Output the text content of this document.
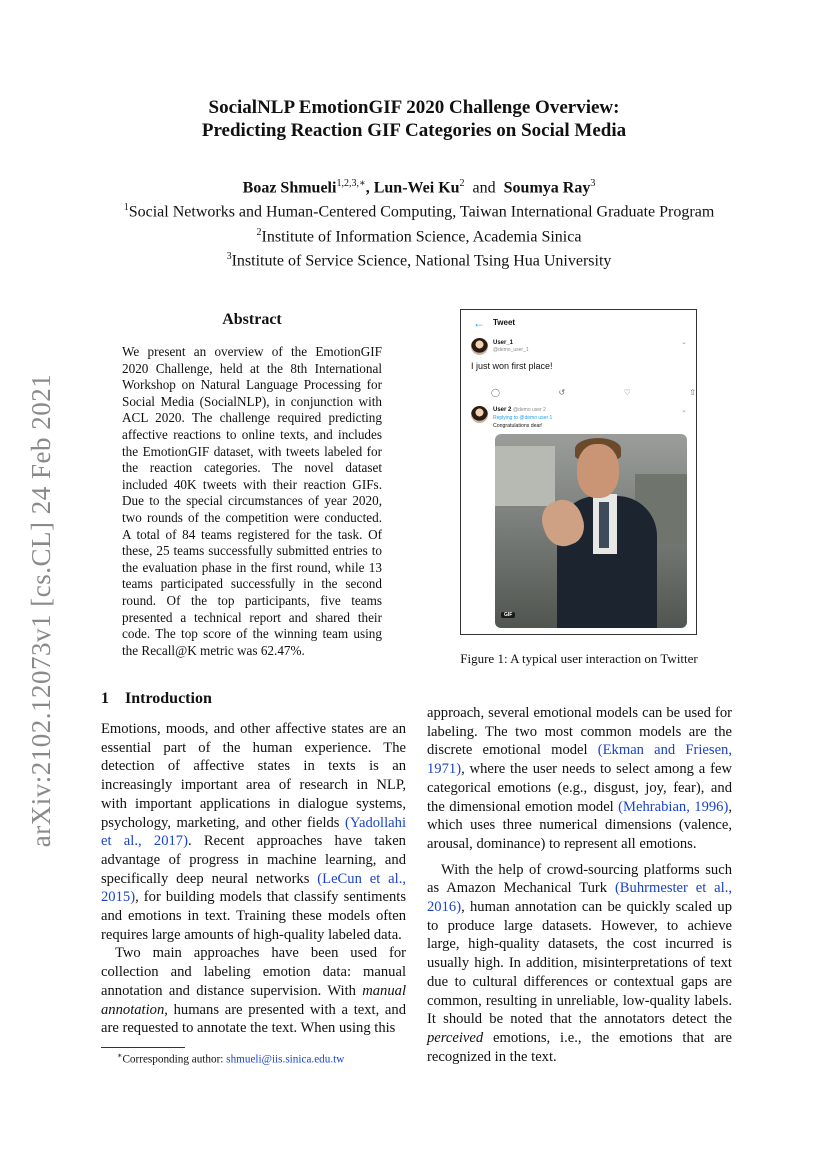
arXiv:2102.12073v1 [cs.CL] 24 Feb 2021
SocialNLP EmotionGIF 2020 Challenge Overview:
Predicting Reaction GIF Categories on Social Media
Boaz Shmueli$^{1,2,3,∗}$, Lun-Wei Ku$^2$ and Soumya Ray$^3$
$^1$Social Networks and Human-Centered Computing, Taiwan International Graduate Program
$^2$Institute of Information Science, Academia Sinica
$^3$Institute of Service Science, National Tsing Hua University
Abstract

We present an overview of the EmotionGIF 2020 Challenge, held at the 8th International Workshop on Natural Language Processing for Social Media (SocialNLP), in conjunction with ACL 2020. The challenge required predicting affective reactions to online texts, and includes the EmotionGIF dataset, with tweets labeled for the reaction categories. The novel dataset included 40K tweets with their reaction GIFs. Due to the special circumstances of year 2020, two rounds of the competition were conducted. A total of 84 teams registered for the task. Of these, 25 teams successfully submitted entries to the evaluation phase in the first round, while 13 teams participated successfully in the second round. Of the top participants, five teams presented a technical report and shared their code. The top score of the winning team using the Recall@K metric was 62.47%.

← Tweet
User_1
@demo_user_1
⌄
I just won first place!
◯	↺	♡	⇧
User 2 @demo user 2	⌄
Replying to @demo user 1
Congratulations dear!
GIF
Figure 1: A typical user interaction on Twitter
1 Introduction

Emotions, moods, and other affective states are an essential part of the human experience. The detection of affective states in texts is an increasingly important area of research in NLP, with important applications in dialogue systems, psychology, marketing, and other fields (Yadollahi et al., 2017). Recent approaches have taken advantage of progress in machine learning, and specifically deep neural networks (LeCun et al., 2015), for building models that classify sentiments and emotions in text. Training these models often requires large amounts of high-quality labeled data.

Two main approaches have been used for collection and labeling emotion data: manual annotation and distance supervision. With manual annotation, humans are presented with a text, and are requested to annotate the text. When using this

approach, several emotional models can be used for labeling. The two most common models are the discrete emotional model (Ekman and Friesen, 1971), where the user needs to select among a few categorical emotions (e.g., disgust, joy, fear), and the dimensional emotion model (Mehrabian, 1996), which uses three numerical dimensions (valence, arousal, dominance) to represent all emotions.

With the help of crowd-sourcing platforms such as Amazon Mechanical Turk (Buhrmester et al., 2016), human annotation can be quickly scaled up to produce large datasets. However, to achieve large, high-quality datasets, the cost incurred is usually high. In addition, misinterpretations of text due to cultural differences or contextual gaps are common, resulting in unreliable, low-quality labels. It should be noted that the annotators detect the perceived emotions, i.e., the emotions that are recognized in the text.

∗Corresponding author: shmueli@iis.sinica.edu.tw
